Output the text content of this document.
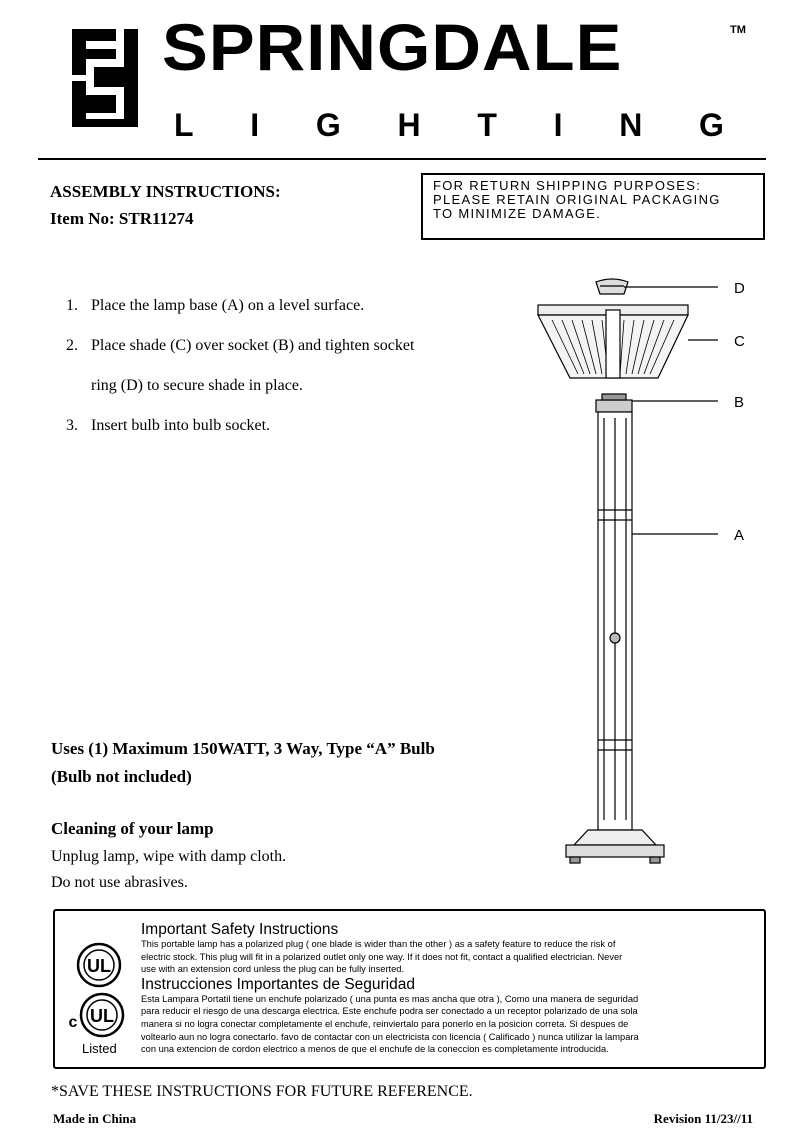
SPRINGDALE	TM
L I G H T I N G
ASSEMBLY INSTRUCTIONS:
Item No: STR11274
FOR RETURN SHIPPING PURPOSES:
PLEASE RETAIN ORIGINAL PACKAGING
TO MINIMIZE DAMAGE.
1. Place the lamp base (A) on a level surface.
2. Place shade (C) over socket (B) and tighten socket
ring (D) to secure shade in place.
3. Insert bulb into bulb socket.
D
C
B
A
Uses (1) Maximum 150WATT, 3 Way, Type “A” Bulb
(Bulb not included)
Cleaning of your lamp
Unplug lamp, wipe with damp cloth.
Do not use abrasives.
UL
UL
c
Listed
Important Safety Instructions
This portable lamp has a polarized plug ( one blade is wider than the other ) as a safety feature to reduce the risk of
electric stock. This plug will fit in a polarized outlet only one way. If it does not fit, contact a qualified electrician. Never
use with an extension cord unless the plug can be fully inserted.
Instrucciones Importantes de Seguridad
Esta Lampara Portatil tiene un enchufe polarizado ( una punta es mas ancha que otra ), Como una manera de seguridad
para reducir el riesgo de una descarga electrica. Este enchufe podra ser conectado a un receptor polarizado de una sola
manera si no logra conectar completamente el enchufe, reinviertalo para ponerlo en la posicion correta. Si despues de
voltearlo aun no logra conectarlo. favo de contactar con un electricista con licencia ( Calificado ) nunca utilizar la lampara
con una extencion de cordon electrico a menos de que el enchufe de la coneccion es completamente introducida.
*SAVE THESE INSTRUCTIONS FOR FUTURE REFERENCE.
Made in China	Revision 11/23//11
